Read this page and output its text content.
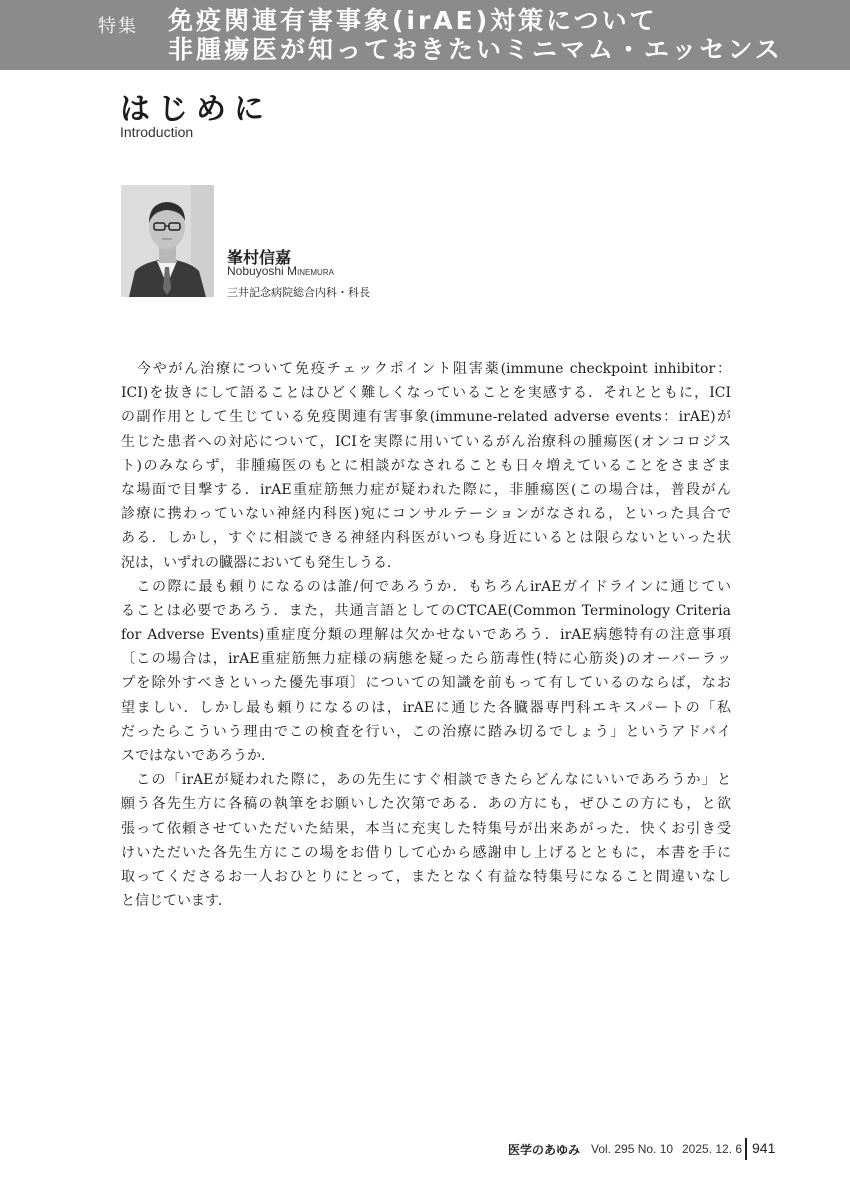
特集 免疫関連有害事象(irAE)対策について
非腫瘍医が知っておきたいミニマム・エッセンス
はじめに
Introduction
峯村信嘉
Nobuyoshi Minemura
三井記念病院総合内科・科長
　今やがん治療について免疫チェックポイント阻害薬(immune checkpoint inhibitor：
ICI)を抜きにして語ることはひどく難しくなっていることを実感する．それとともに，ICI
の副作用として生じている免疫関連有害事象(immune-related adverse events：irAE)が
生じた患者への対応について，ICIを実際に用いているがん治療科の腫瘍医(オンコロジス
ト)のみならず，非腫瘍医のもとに相談がなされることも日々増えていることをさまざま
な場面で目撃する．irAE重症筋無力症が疑われた際に，非腫瘍医(この場合は，普段がん
診療に携わっていない神経内科医)宛にコンサルテーションがなされる，といった具合で
ある．しかし，すぐに相談できる神経内科医がいつも身近にいるとは限らないといった状
況は，いずれの臓器においても発生しうる．
　この際に最も頼りになるのは誰/何であろうか．もちろんirAEガイドラインに通じてい
ることは必要であろう．また，共通言語としてのCTCAE(Common Terminology Criteria
for Adverse Events)重症度分類の理解は欠かせないであろう．irAE病態特有の注意事項
〔この場合は，irAE重症筋無力症様の病態を疑ったら筋毒性(特に心筋炎)のオーバーラッ
プを除外すべきといった優先事項〕についての知識を前もって有しているのならば，なお
望ましい．しかし最も頼りになるのは，irAEに通じた各臓器専門科エキスパートの「私
だったらこういう理由でこの検査を行い，この治療に踏み切るでしょう」というアドバイ
スではないであろうか．
　この「irAEが疑われた際に，あの先生にすぐ相談できたらどんなにいいであろうか」と
願う各先生方に各稿の執筆をお願いした次第である．あの方にも，ぜひこの方にも，と欲
張って依頼させていただいた結果，本当に充実した特集号が出来あがった．快くお引き受
けいただいた各先生方にこの場をお借りして心から感謝申し上げるとともに，本書を手に
取ってくださるお一人おひとりにとって，またとなく有益な特集号になること間違いなし
と信じています．
医学のあゆみ Vol. 295 No. 10 2025. 12. 6 941
